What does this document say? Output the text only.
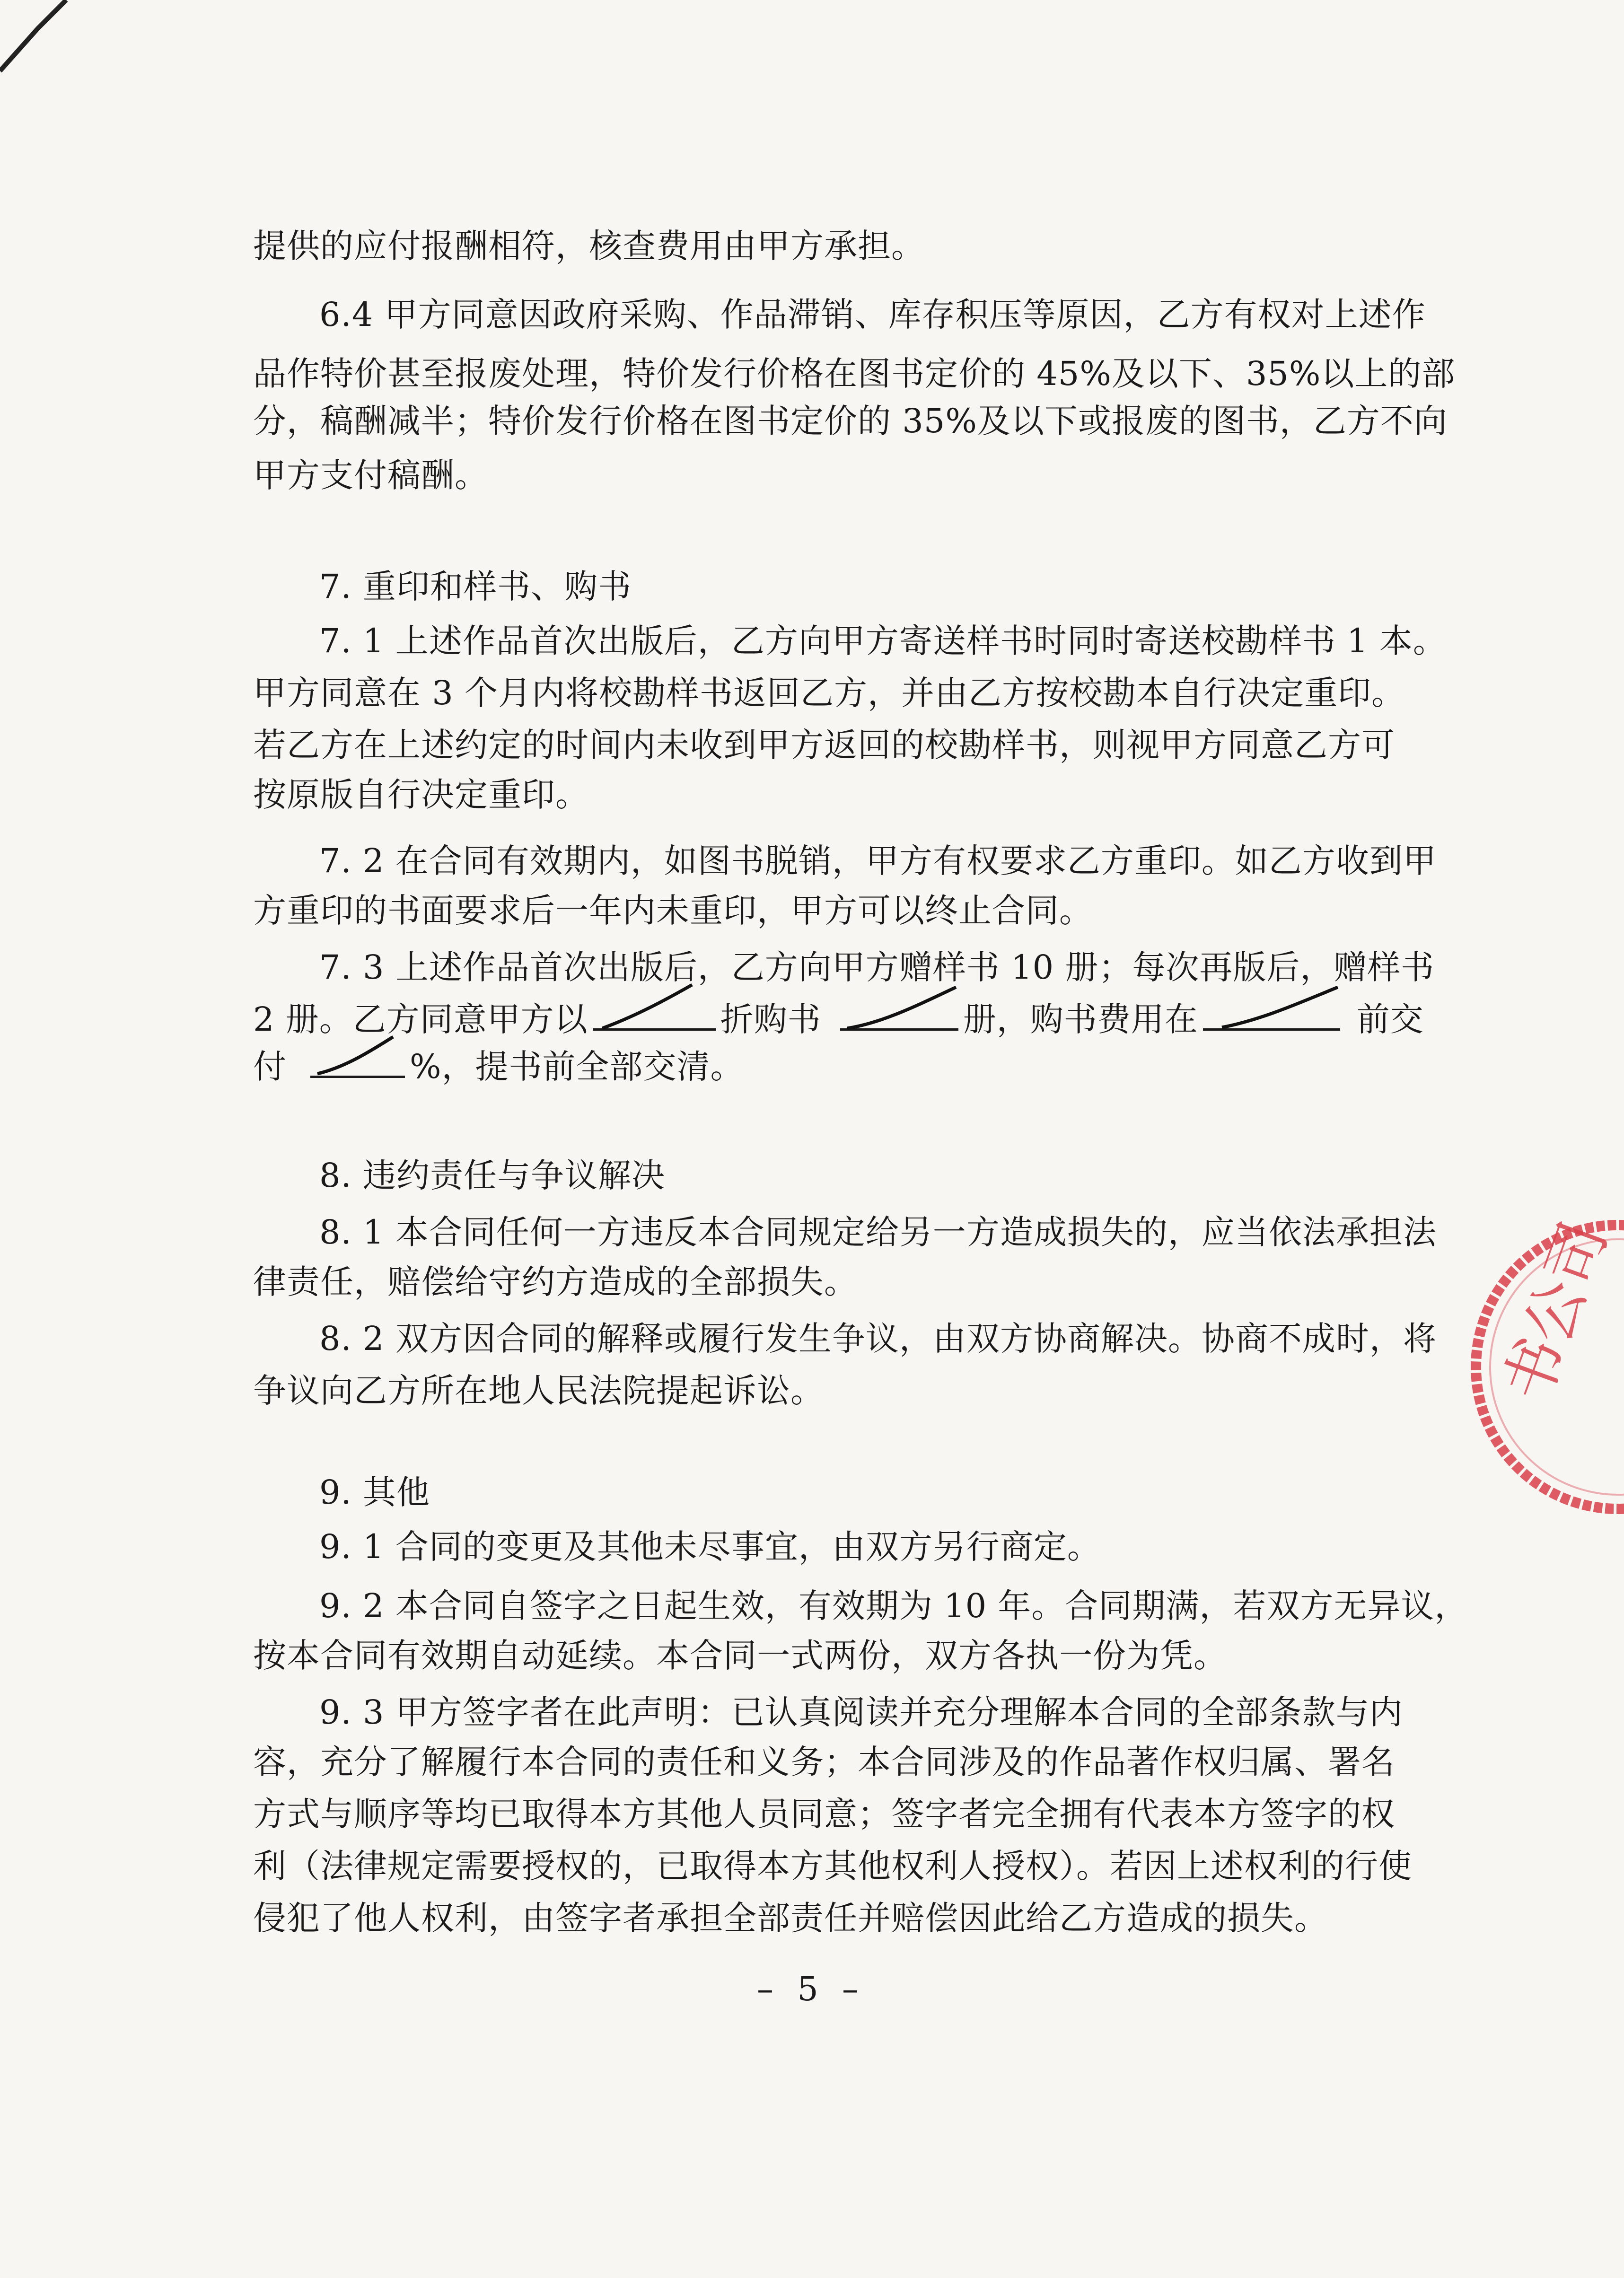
提供的应付报酬相符，核查费用由甲方承担。
6.4 甲方同意因政府采购、作品滞销、库存积压等原因，乙方有权对上述作
品作特价甚至报废处理，特价发行价格在图书定价的 45%及以下、35%以上的部
分，稿酬减半；特价发行价格在图书定价的 35%及以下或报废的图书，乙方不向
甲方支付稿酬。
7. 重印和样书、购书
7. 1 上述作品首次出版后，乙方向甲方寄送样书时同时寄送校勘样书 1 本。
甲方同意在 3 个月内将校勘样书返回乙方，并由乙方按校勘本自行决定重印。
若乙方在上述约定的时间内未收到甲方返回的校勘样书，则视甲方同意乙方可
按原版自行决定重印。
7. 2 在合同有效期内，如图书脱销，甲方有权要求乙方重印。如乙方收到甲
方重印的书面要求后一年内未重印，甲方可以终止合同。
7. 3 上述作品首次出版后，乙方向甲方赠样书 10 册；每次再版后，赠样书
2 册。乙方同意甲方以	折购书	册，购书费用在	前交
付	%，提书前全部交清。
8. 违约责任与争议解决
8. 1 本合同任何一方违反本合同规定给另一方造成损失的，应当依法承担法
律责任，赔偿给守约方造成的全部损失。
8. 2 双方因合同的解释或履行发生争议，由双方协商解决。协商不成时，将
争议向乙方所在地人民法院提起诉讼。
9. 其他
9. 1 合同的变更及其他未尽事宜，由双方另行商定。
9. 2 本合同自签字之日起生效，有效期为 10 年。合同期满，若双方无异议，
按本合同有效期自动延续。本合同一式两份，双方各执一份为凭。
9. 3 甲方签字者在此声明：已认真阅读并充分理解本合同的全部条款与内
容，充分了解履行本合同的责任和义务；本合同涉及的作品著作权归属、署名
方式与顺序等均已取得本方其他人员同意；签字者完全拥有代表本方签字的权
利（法律规定需要授权的，已取得本方其他权利人授权）。若因上述权利的行使
侵犯了他人权利，由签字者承担全部责任并赔偿因此给乙方造成的损失。
– 5 –
书公司
